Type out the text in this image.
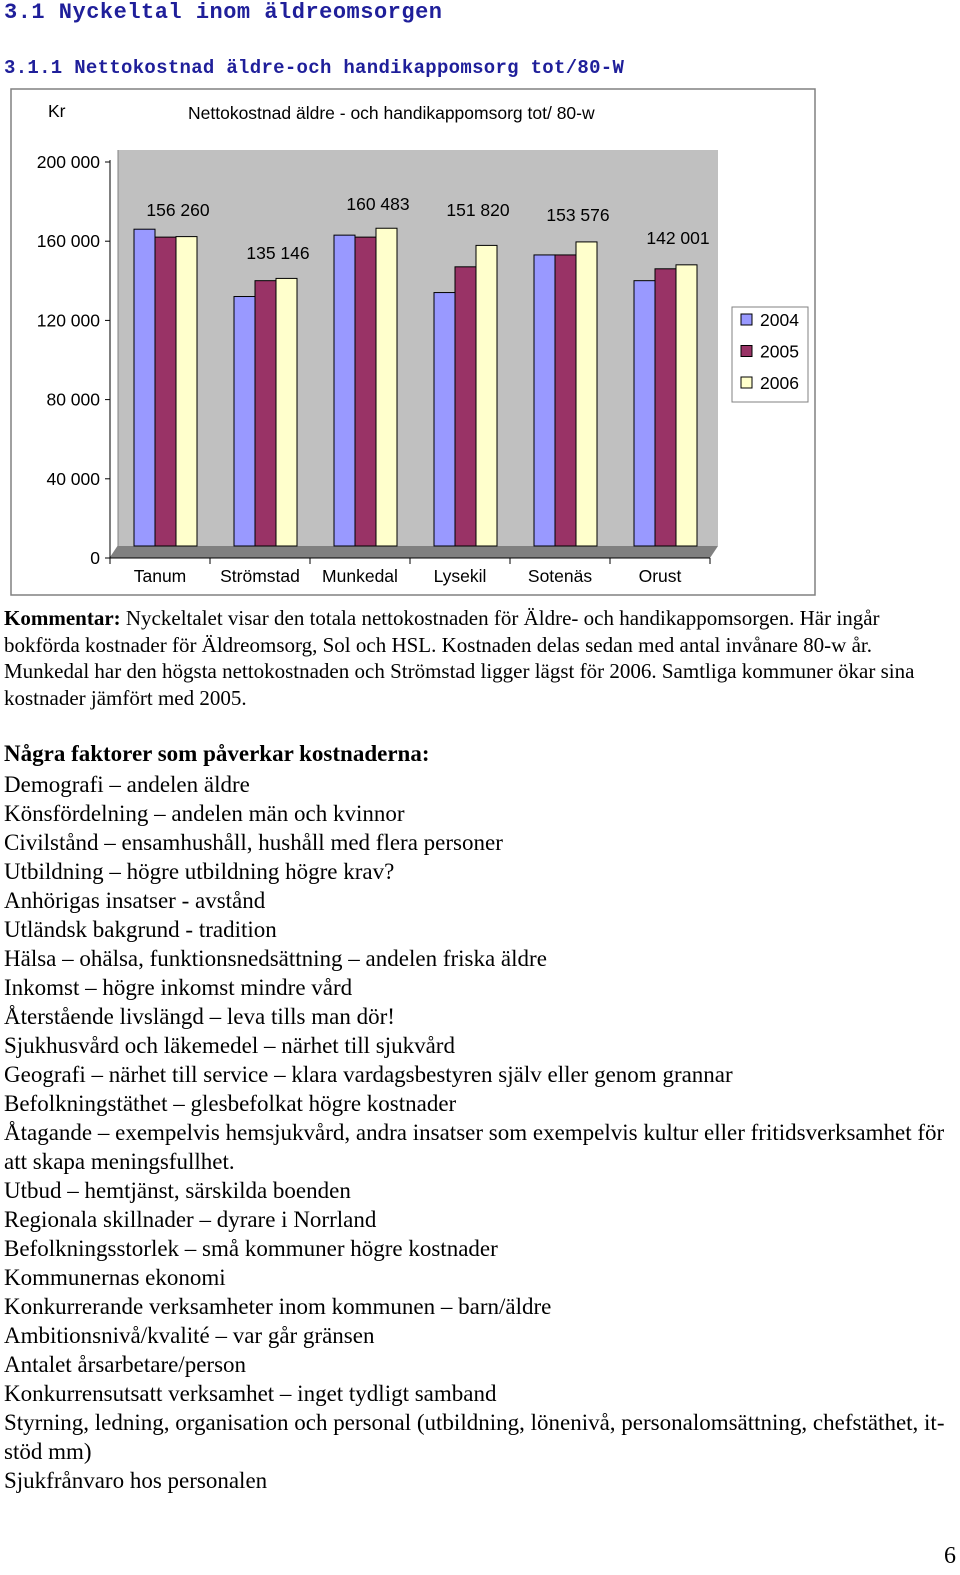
3.1 Nyckeltal inom äldreomsorgen
3.1.1 Nettokostnad äldre-och handikappomsorg tot/80-W
156 260
135 146
160 483 151 820 153 576
142 001
200 000
160 000
120 000
80 000
40 000
0
Tanum Strömstad Munkedal Lysekil Sotenäs	Orust
Kr	Nettokostnad äldre - och handikappomsorg tot/ 80-w
2004
2005
2006
Kommentar: Nyckeltalet visar den totala nettokostnaden för Äldre- och handikappomsorgen. Här ingår bokförda kostnader för Äldreomsorg, Sol och HSL. Kostnaden delas sedan med antal invånare 80-w år. Munkedal har den högsta nettokostnaden och Strömstad ligger lägst för 2006. Samtliga kommuner ökar sina kostnader jämfört med 2005.
Några faktorer som påverkar kostnaderna:
Demografi – andelen äldre
Könsfördelning – andelen män och kvinnor
Civilstånd – ensamhushåll, hushåll med flera personer
Utbildning – högre utbildning högre krav?
Anhörigas insatser - avstånd
Utländsk bakgrund - tradition
Hälsa – ohälsa, funktionsnedsättning – andelen friska äldre
Inkomst – högre inkomst mindre vård
Återstående livslängd – leva tills man dör!
Sjukhusvård och läkemedel – närhet till sjukvård
Geografi – närhet till service – klara vardagsbestyren själv eller genom grannar
Befolkningstäthet – glesbefolkat högre kostnader
Åtagande – exempelvis hemsjukvård, andra insatser som exempelvis kultur eller fritidsverksamhet för att skapa meningsfullhet.
Utbud – hemtjänst, särskilda boenden
Regionala skillnader – dyrare i Norrland
Befolkningsstorlek – små kommuner högre kostnader
Kommunernas ekonomi
Konkurrerande verksamheter inom kommunen – barn/äldre
Ambitionsnivå/kvalité – var går gränsen
Antalet årsarbetare/person
Konkurrensutsatt verksamhet – inget tydligt samband
Styrning, ledning, organisation och personal (utbildning, lönenivå, personalomsättning, chefstäthet, it-stöd mm)
Sjukfrånvaro hos personalen
6
